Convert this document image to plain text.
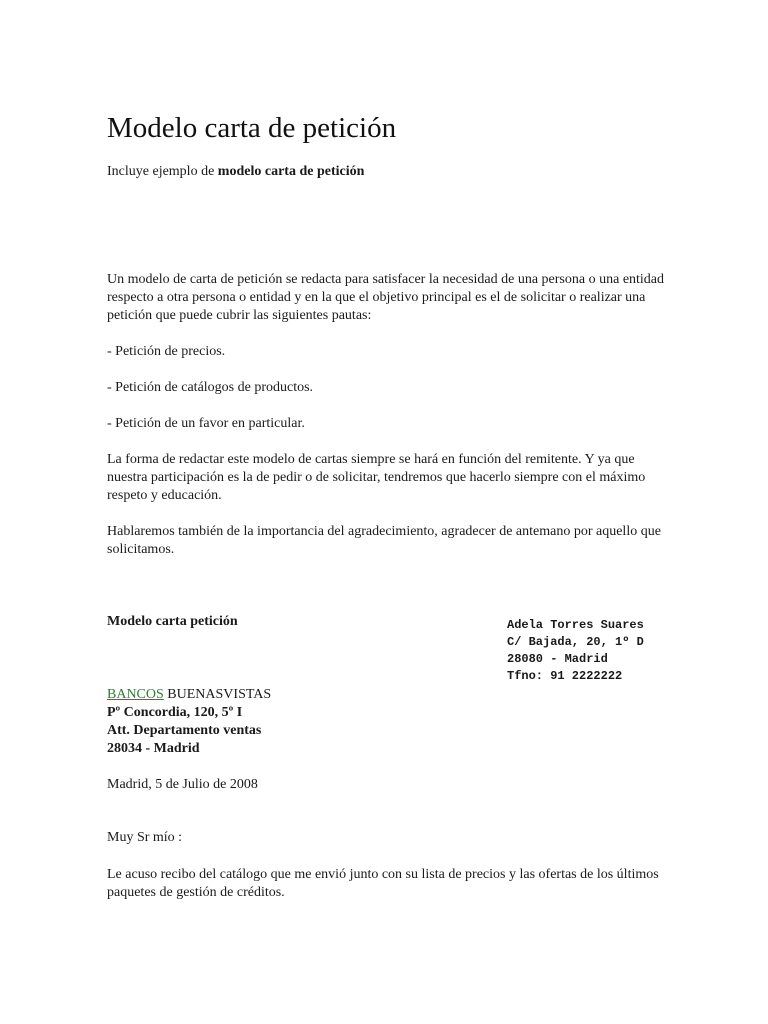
Modelo carta de petición
Incluye ejemplo de modelo carta de petición

Un modelo de carta de petición se redacta para satisfacer la necesidad de una persona o una entidad respecto a otra persona o entidad y en la que el objetivo principal es el de solicitar o realizar una petición que puede cubrir las siguientes pautas:

- Petición de precios.

- Petición de catálogos de productos.

- Petición de un favor en particular.

La forma de redactar este modelo de cartas siempre se hará en función del remitente. Y ya que nuestra participación es la de pedir o de solicitar, tendremos que hacerlo siempre con el máximo respeto y educación.

Hablaremos también de la importancia del agradecimiento, agradecer de antemano por aquello que solicitamos.

Modelo carta petición	Adela Torres Suares
C/ Bajada, 20, 1º D
28080 - Madrid
Tfno: 91 2222222
BANCOS BUENASVISTAS
Pº Concordia, 120, 5º I
Att. Departamento ventas
28034 - Madrid

Madrid, 5 de Julio de 2008

Muy Sr mío :

Le acuso recibo del catálogo que me envió junto con su lista de precios y las ofertas de los últimos paquetes de gestión de créditos.
